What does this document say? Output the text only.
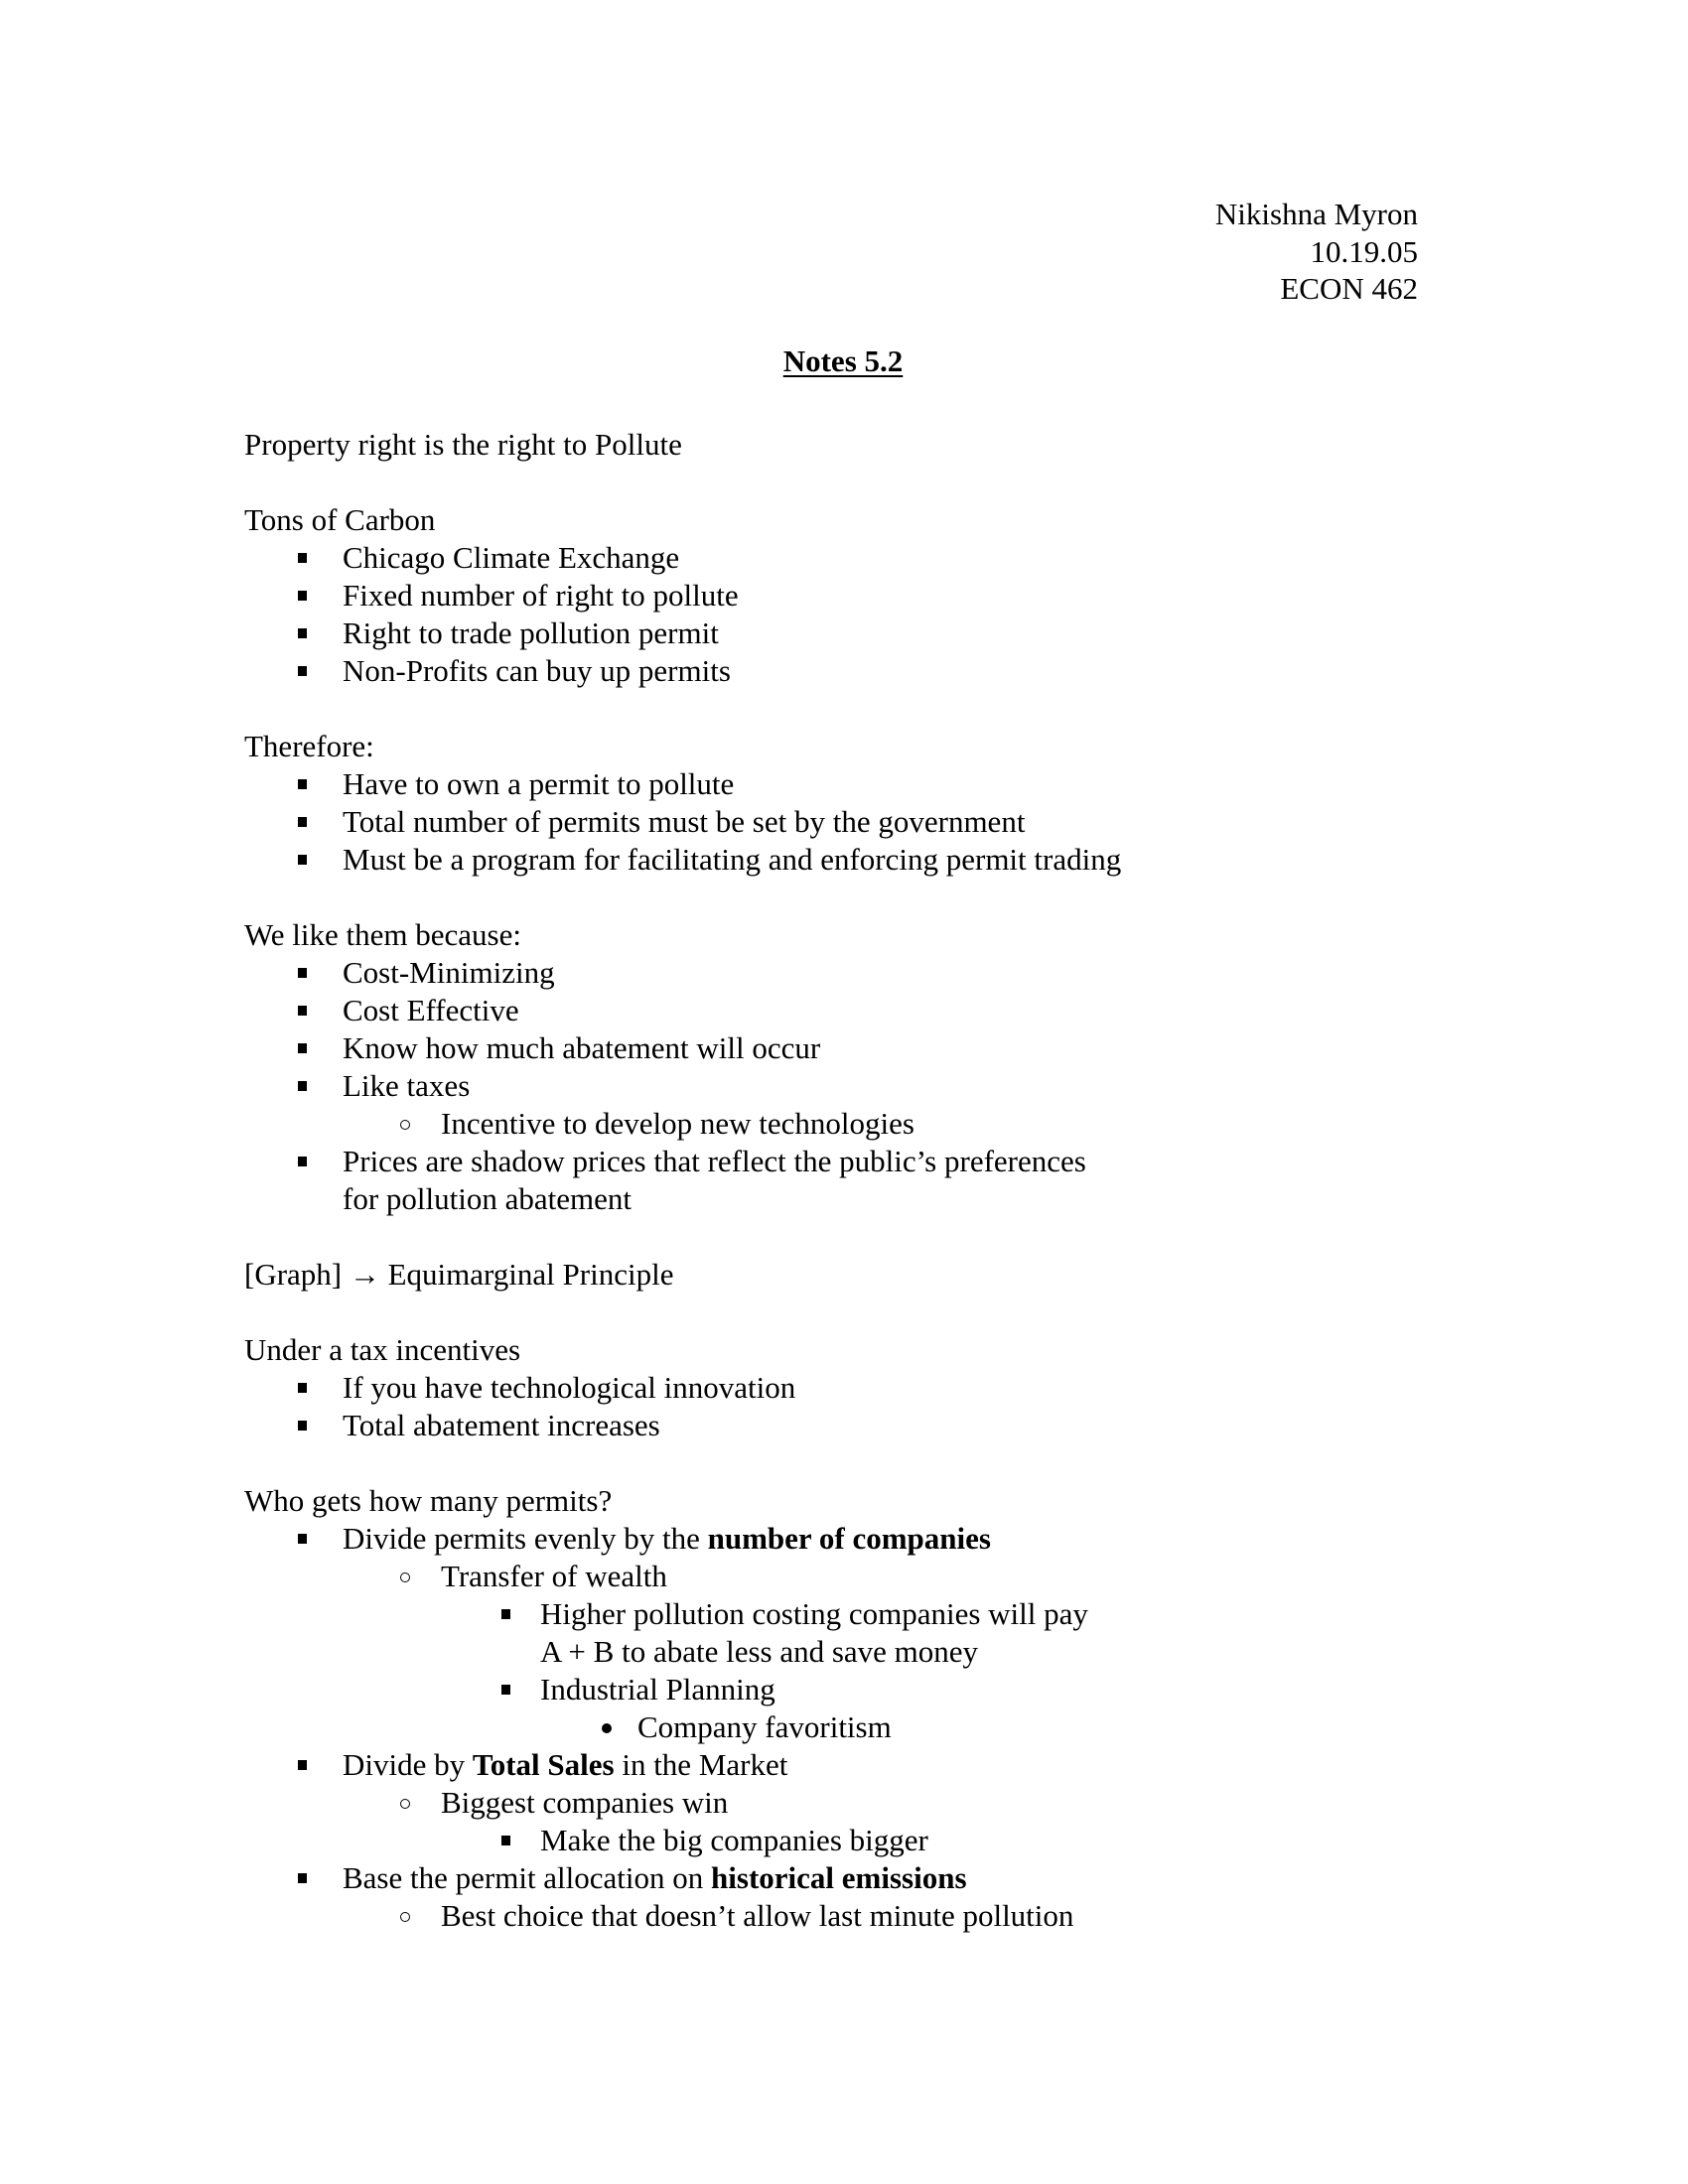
Nikishna Myron
10.19.05
ECON 462
Notes 5.2
Property right is the right to Pollute
Tons of Carbon
Chicago Climate Exchange
Fixed number of right to pollute
Right to trade pollution permit
Non-Profits can buy up permits
Therefore:
Have to own a permit to pollute
Total number of permits must be set by the government
Must be a program for facilitating and enforcing permit trading
We like them because:
Cost-Minimizing
Cost Effective
Know how much abatement will occur
Like taxes
Incentive to develop new technologies
Prices are shadow prices that reflect the public’s preferences
for pollution abatement
[Graph] → Equimarginal Principle
Under a tax incentives
If you have technological innovation
Total abatement increases
Who gets how many permits?
Divide permits evenly by the number of companies
Transfer of wealth
Higher pollution costing companies will pay
A + B to abate less and save money
Industrial Planning
Company favoritism
Divide by Total Sales in the Market
Biggest companies win
Make the big companies bigger
Base the permit allocation on historical emissions
Best choice that doesn’t allow last minute pollution
